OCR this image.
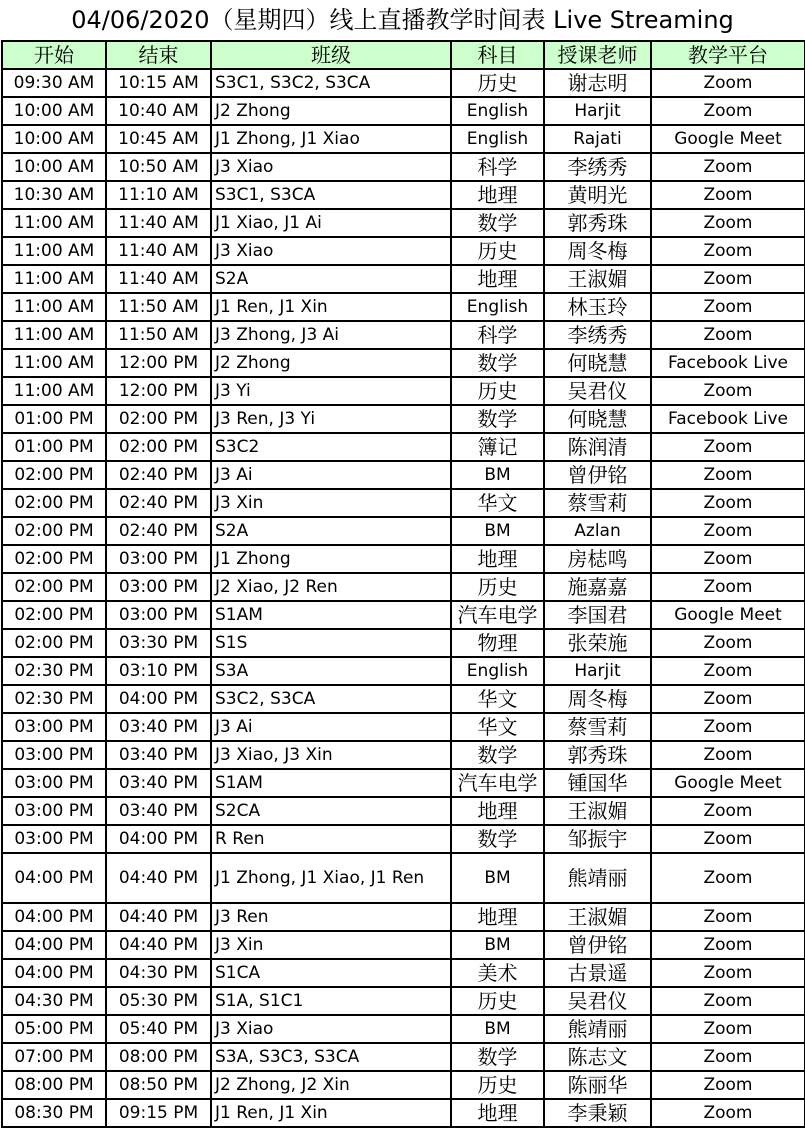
04/06/2020（星期四）线上直播教学时间表 Live Streaming
开始	结束	班级	科目	授课老师	教学平台
09:30 AM	10:15 AM	S3C1, S3C2, S3CA	历史	谢志明	Zoom
10:00 AM	10:40 AM	J2 Zhong	English	Harjit	Zoom
10:00 AM	10:45 AM	J1 Zhong, J1 Xiao	English	Rajati	Google Meet
10:00 AM	10:50 AM	J3 Xiao	科学	李绣秀	Zoom
10:30 AM	11:10 AM	S3C1, S3CA	地理	黄明光	Zoom
11:00 AM	11:40 AM	J1 Xiao, J1 Ai	数学	郭秀珠	Zoom
11:00 AM	11:40 AM	J3 Xiao	历史	周冬梅	Zoom
11:00 AM	11:40 AM	S2A	地理	王淑媚	Zoom
11:00 AM	11:50 AM	J1 Ren, J1 Xin	English	林玉玲	Zoom
11:00 AM	11:50 AM	J3 Zhong, J3 Ai	科学	李绣秀	Zoom
11:00 AM	12:00 PM	J2 Zhong	数学	何晓慧	Facebook Live
11:00 AM	12:00 PM	J3 Yi	历史	吴君仪	Zoom
01:00 PM	02:00 PM	J3 Ren, J3 Yi	数学	何晓慧	Facebook Live
01:00 PM	02:00 PM	S3C2	簿记	陈润清	Zoom
02:00 PM	02:40 PM	J3 Ai	BM	曾伊铭	Zoom
02:00 PM	02:40 PM	J3 Xin	华文	蔡雪莉	Zoom
02:00 PM	02:40 PM	S2A	BM	Azlan	Zoom
02:00 PM	03:00 PM	J1 Zhong	地理	房梽鸣	Zoom
02:00 PM	03:00 PM	J2 Xiao, J2 Ren	历史	施嘉嘉	Zoom
02:00 PM	03:00 PM	S1AM	汽车电学	李国君	Google Meet
02:00 PM	03:30 PM	S1S	物理	张荣施	Zoom
02:30 PM	03:10 PM	S3A	English	Harjit	Zoom
02:30 PM	04:00 PM	S3C2, S3CA	华文	周冬梅	Zoom
03:00 PM	03:40 PM	J3 Ai	华文	蔡雪莉	Zoom
03:00 PM	03:40 PM	J3 Xiao, J3 Xin	数学	郭秀珠	Zoom
03:00 PM	03:40 PM	S1AM	汽车电学	锺国华	Google Meet
03:00 PM	03:40 PM	S2CA	地理	王淑媚	Zoom
03:00 PM	04:00 PM	R Ren	数学	邹振宇	Zoom
04:00 PM	04:40 PM	J1 Zhong, J1 Xiao, J1 Ren	BM	熊靖丽	Zoom
04:00 PM	04:40 PM	J3 Ren	地理	王淑媚	Zoom
04:00 PM	04:40 PM	J3 Xin	BM	曾伊铭	Zoom
04:00 PM	04:30 PM	S1CA	美术	古景遥	Zoom
04:30 PM	05:30 PM	S1A, S1C1	历史	吴君仪	Zoom
05:00 PM	05:40 PM	J3 Xiao	BM	熊靖丽	Zoom
07:00 PM	08:00 PM	S3A, S3C3, S3CA	数学	陈志文	Zoom
08:00 PM	08:50 PM	J2 Zhong, J2 Xin	历史	陈丽华	Zoom
08:30 PM	09:15 PM	J1 Ren, J1 Xin	地理	李秉颖	Zoom
